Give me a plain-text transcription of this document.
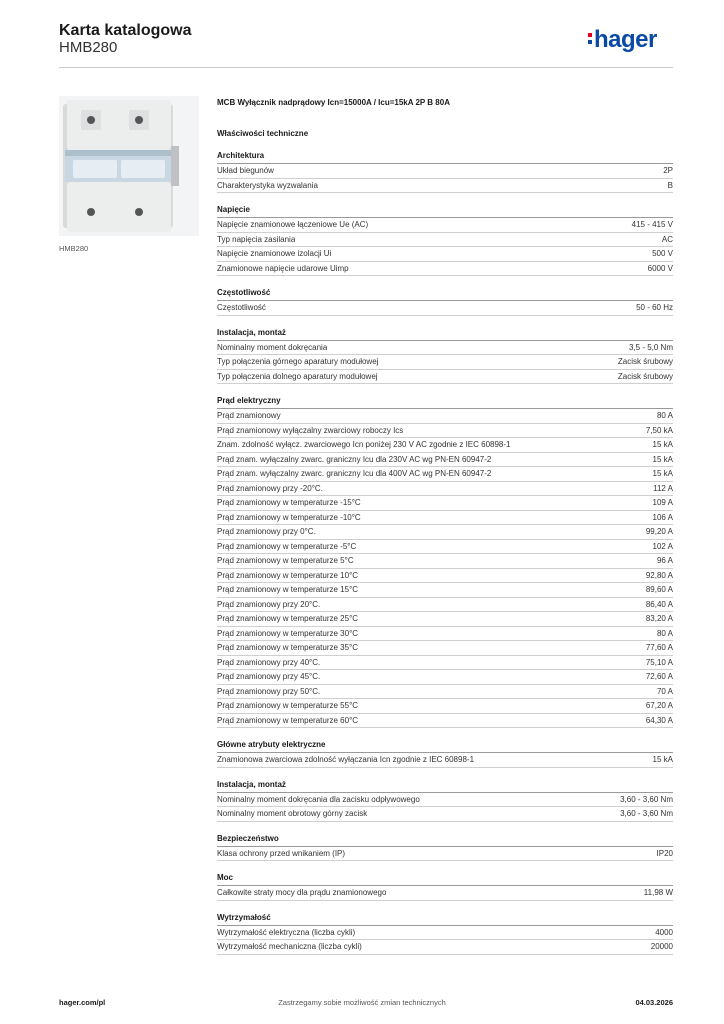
Karta katalogowa
HMB280	hager
HMB280
MCB Wyłącznik nadprądowy Icn=15000A / Icu=15kA 2P B 80A
Właściwości techniczne
Architektura
Układ biegunów	2P
Charakterystyka wyzwalania	B
Napięcie
Napięcie znamionowe łączeniowe Ue (AC)	415 - 415 V
Typ napięcia zasilania	AC
Napięcie znamionowe izolacji Ui	500 V
Znamionowe napięcie udarowe Uimp	6000 V
Częstotliwość
Częstotliwość	50 - 60 Hz
Instalacja, montaż
Nominalny moment dokręcania	3,5 - 5,0 Nm
Typ połączenia górnego aparatury modułowej	Zacisk śrubowy
Typ połączenia dolnego aparatury modułowej	Zacisk śrubowy
Prąd elektryczny
Prąd znamionowy	80 A
Prąd znamionowy wyłączalny zwarciowy roboczy Ics	7,50 kA
Znam. zdolność wyłącz. zwarciowego Icn poniżej 230 V AC zgodnie z IEC 60898-1	15 kA
Prąd znam. wyłączalny zwarc. graniczny Icu dla 230V AC wg PN-EN 60947-2	15 kA
Prąd znam. wyłączalny zwarc. graniczny Icu dla 400V AC wg PN-EN 60947-2	15 kA
Prąd znamionowy przy -20°C.	112 A
Prąd znamionowy w temperaturze -15°C	109 A
Prąd znamionowy w temperaturze -10°C	106 A
Prąd znamionowy przy 0°C.	99,20 A
Prąd znamionowy w temperaturze -5°C	102 A
Prąd znamionowy w temperaturze 5°C	96 A
Prąd znamionowy w temperaturze 10°C	92,80 A
Prąd znamionowy w temperaturze 15°C	89,60 A
Prąd znamionowy przy 20°C.	86,40 A
Prąd znamionowy w temperaturze 25°C	83,20 A
Prąd znamionowy w temperaturze 30°C	80 A
Prąd znamionowy w temperaturze 35°C	77,60 A
Prąd znamionowy przy 40°C.	75,10 A
Prąd znamionowy przy 45°C.	72,60 A
Prąd znamionowy przy 50°C.	70 A
Prąd znamionowy w temperaturze 55°C	67,20 A
Prąd znamionowy w temperaturze 60°C	64,30 A
Główne atrybuty elektryczne
Znamionowa zwarciowa zdolność wyłączania Icn zgodnie z IEC 60898-1	15 kA
Instalacja, montaż
Nominalny moment dokręcania dla zacisku odpływowego	3,60 - 3,60 Nm
Nominalny moment obrotowy górny zacisk	3,60 - 3,60 Nm
Bezpieczeństwo
Klasa ochrony przed wnikaniem (IP)	IP20
Moc
Całkowite straty mocy dla prądu znamionowego	11,98 W
Wytrzymałość
Wytrzymałość elektryczna (liczba cykli)	4000
Wytrzymałość mechaniczna (liczba cykli)	20000
hager.com/pl	Zastrzegamy sobie możliwość zmian technicznych	04.03.2026
